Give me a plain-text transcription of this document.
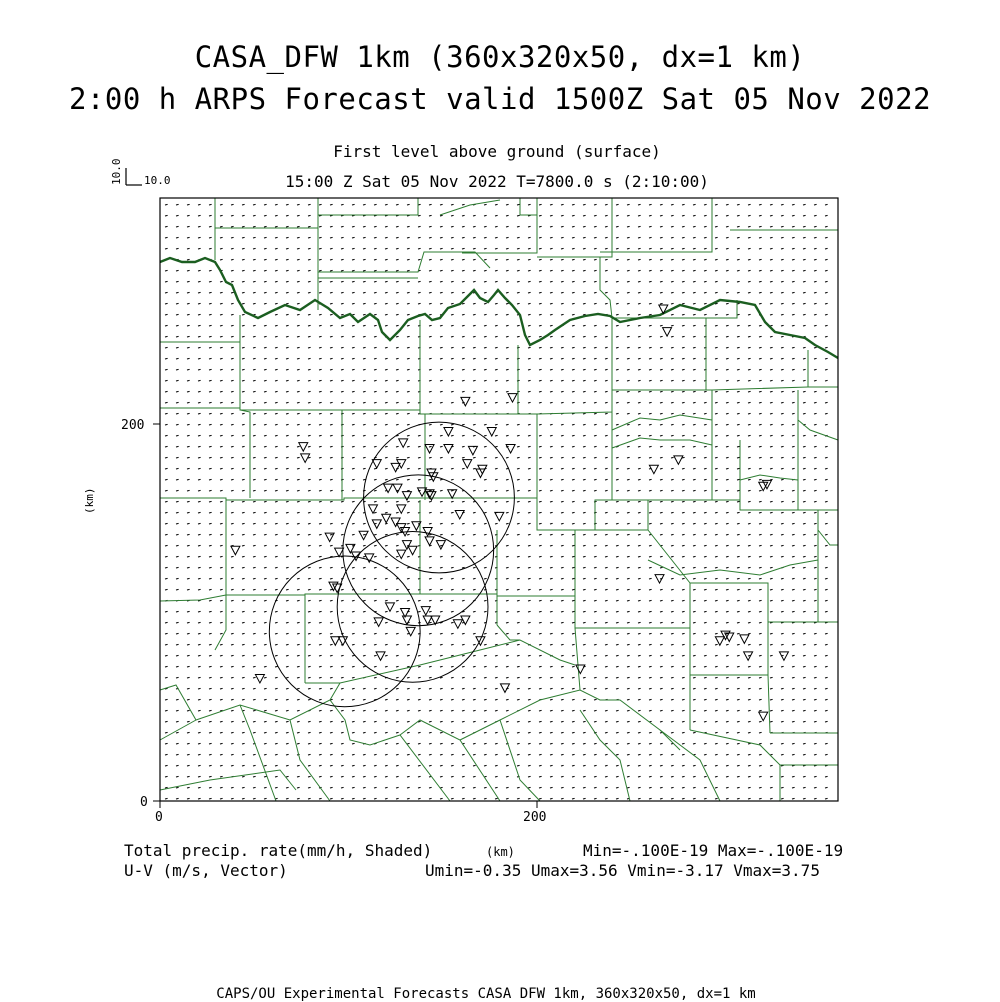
CASA_DFW 1km (360x320x50, dx=1 km)
2:00 h ARPS Forecast valid 1500Z Sat 05 Nov 2022
First level above ground (surface)
15:00 Z Sat 05 Nov 2022 T=7800.0 s (2:10:00)
10.0 10.0
0	200
0
200
(km)
Total precip. rate(mm/h, Shaded)
U-V (m/s, Vector)
(km)	Min=-.100E-19 Max=-.100E-19
Umin=-0.35 Umax=3.56 Vmin=-3.17 Vmax=3.75
CAPS/OU Experimental Forecasts CASA DFW 1km, 360x320x50, dx=1 km
